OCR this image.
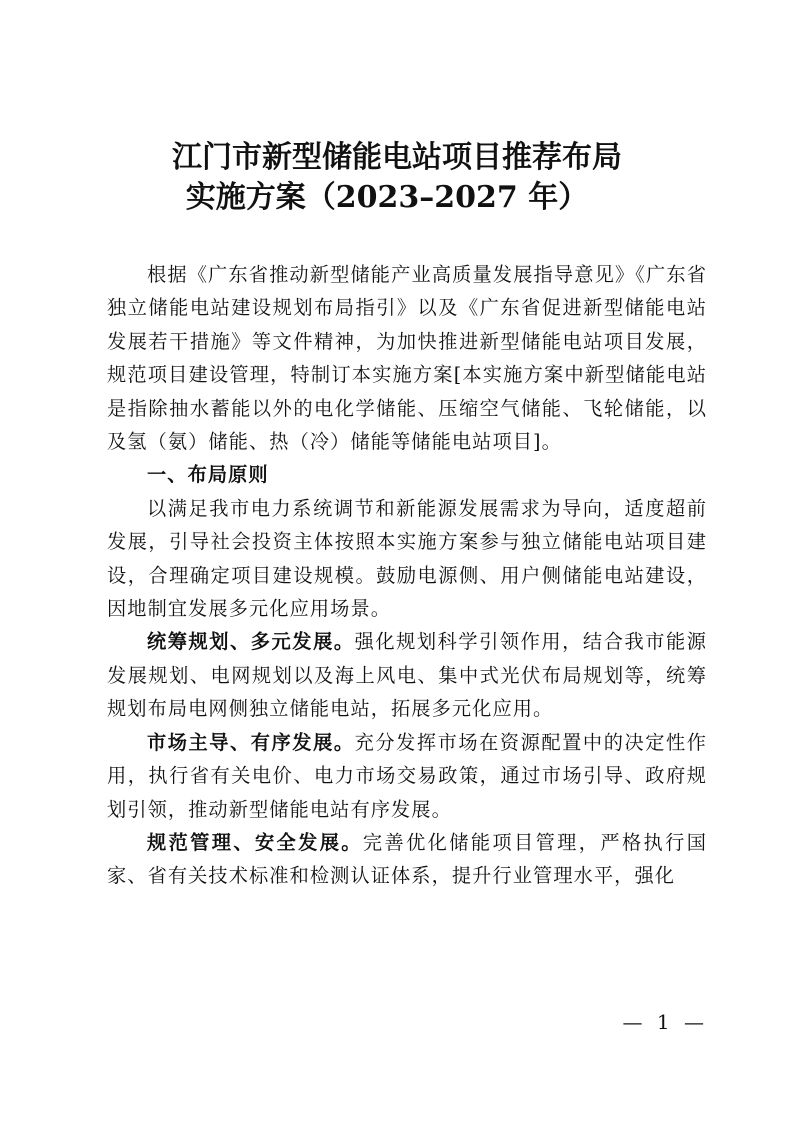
江门市新型储能电站项目推荐布局
实施方案（2023–2027 年）

根据《广东省推动新型储能产业高质量发展指导意见》《广东省独立储能电站建设规划布局指引》以及《广东省促进新型储能电站发展若干措施》等文件精神，为加快推进新型储能电站项目发展，规范项目建设管理，特制订本实施方案[本实施方案中新型储能电站是指除抽水蓄能以外的电化学储能、压缩空气储能、飞轮储能，以及氢（氨）储能、热（冷）储能等储能电站项目]。

一、布局原则

以满足我市电力系统调节和新能源发展需求为导向，适度超前发展，引导社会投资主体按照本实施方案参与独立储能电站项目建设，合理确定项目建设规模。鼓励电源侧、用户侧储能电站建设，因地制宜发展多元化应用场景。

统筹规划、多元发展。强化规划科学引领作用，结合我市能源发展规划、电网规划以及海上风电、集中式光伏布局规划等，统筹规划布局电网侧独立储能电站，拓展多元化应用。

市场主导、有序发展。充分发挥市场在资源配置中的决定性作用，执行省有关电价、电力市场交易政策，通过市场引导、政府规划引领，推动新型储能电站有序发展。

规范管理、安全发展。完善优化储能项目管理，严格执行国家、省有关技术标准和检测认证体系，提升行业管理水平，强化

— 1 —
